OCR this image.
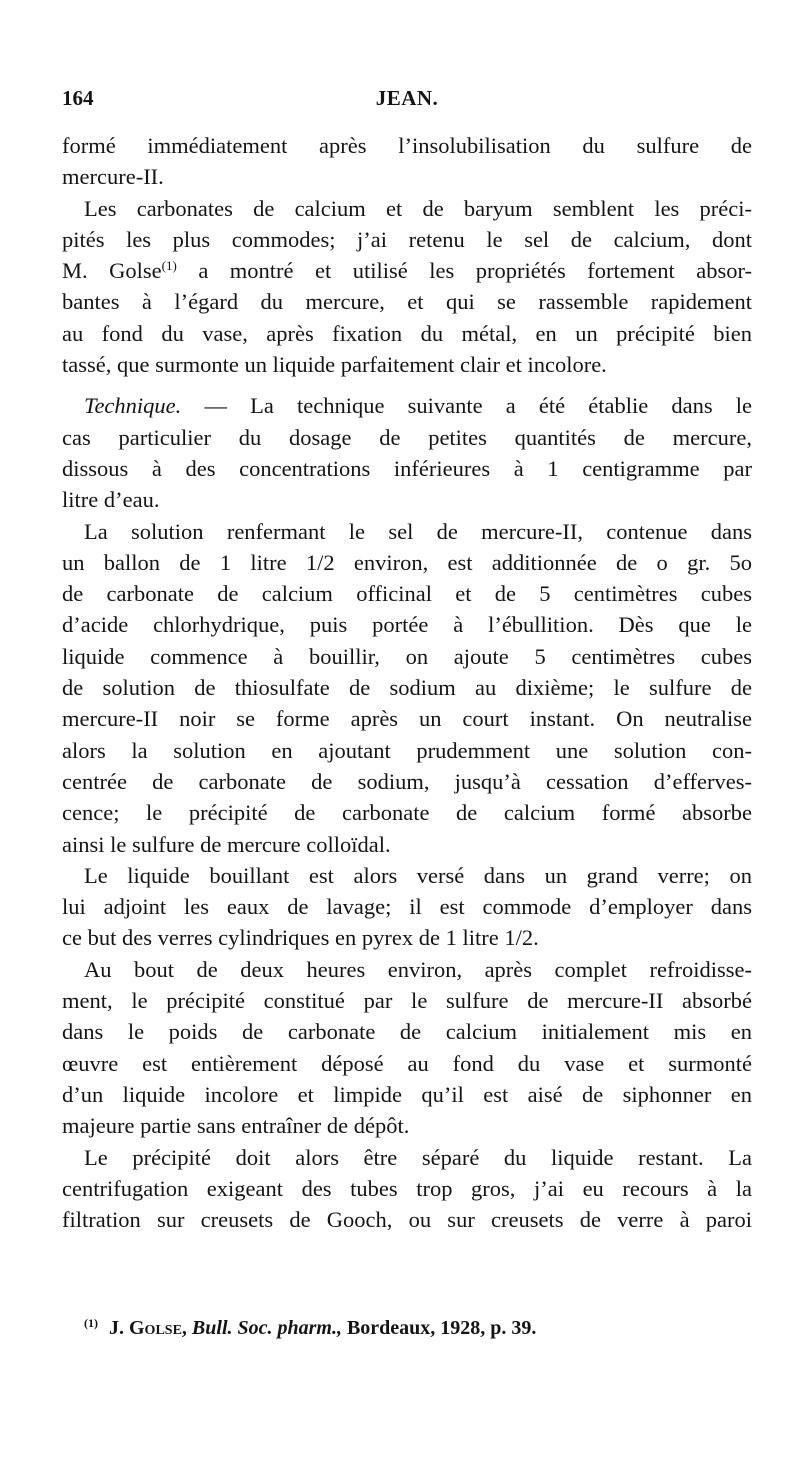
164	JEAN.
formé immédiatement après l’insolubilisation du sulfure de
mercure-II.
Les carbonates de calcium et de baryum semblent les préci-
pités les plus commodes; j’ai retenu le sel de calcium, dont
M. Golse$^{(1)}$ a montré et utilisé les propriétés fortement absor-
bantes à l’égard du mercure, et qui se rassemble rapidement
au fond du vase, après fixation du métal, en un précipité bien
tassé, que surmonte un liquide parfaitement clair et incolore.
Technique. — La technique suivante a été établie dans le
cas particulier du dosage de petites quantités de mercure,
dissous à des concentrations inférieures à 1 centigramme par
litre d’eau.
La solution renfermant le sel de mercure-II, contenue dans
un ballon de 1 litre 1/2 environ, est additionnée de o gr. 5o
de carbonate de calcium officinal et de 5 centimètres cubes
d’acide chlorhydrique, puis portée à l’ébullition. Dès que le
liquide commence à bouillir, on ajoute 5 centimètres cubes
de solution de thiosulfate de sodium au dixième; le sulfure de
mercure-II noir se forme après un court instant. On neutralise
alors la solution en ajoutant prudemment une solution con-
centrée de carbonate de sodium, jusqu’à cessation d’efferves-
cence; le précipité de carbonate de calcium formé absorbe
ainsi le sulfure de mercure colloïdal.
Le liquide bouillant est alors versé dans un grand verre; on
lui adjoint les eaux de lavage; il est commode d’employer dans
ce but des verres cylindriques en pyrex de 1 litre 1/2.
Au bout de deux heures environ, après complet refroidisse-
ment, le précipité constitué par le sulfure de mercure-II absorbé
dans le poids de carbonate de calcium initialement mis en
œuvre est entièrement déposé au fond du vase et surmonté
d’un liquide incolore et limpide qu’il est aisé de siphonner en
majeure partie sans entraîner de dépôt.
Le précipité doit alors être séparé du liquide restant. La
centrifugation exigeant des tubes trop gros, j’ai eu recours à la
filtration sur creusets de Gooch, ou sur creusets de verre à paroi
$^{(1)}$ J. Golse, Bull. Soc. pharm., Bordeaux, 1928, p. 39.
